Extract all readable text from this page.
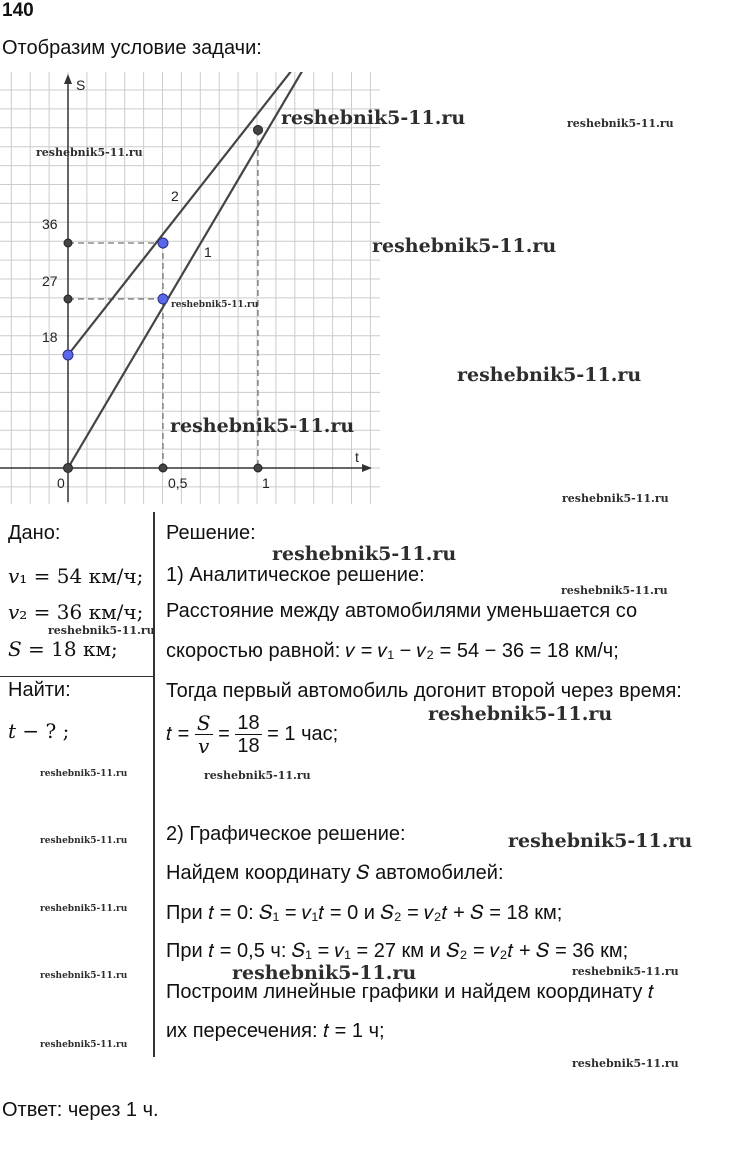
140
Отобразим условие задачи:
S
t
36
27
18
0	0,5	1
1
2
Дано:
𝑣₁ = 54 км/ч;
𝑣₂ = 36 км/ч;
𝑆 = 18 км;
Найти:
𝑡 − ? ;
Решение:
1) Аналитическое решение:
Расстояние между автомобилями уменьшается со
скоростью равной: 𝑣 = 𝑣₁ − 𝑣₂ = 54 − 36 = 18 км/ч;
Тогда первый автомобиль догонит второй через время:
𝑡 = $\frac{\text{𝑆}}{\text{𝑣}} = \frac{18}{18} = 1$ час;
2) Графическое решение:
Найдем координату 𝑆 автомобилей:
При 𝑡 = 0: 𝑆₁ = 𝑣₁𝑡 = 0 и 𝑆₂ = 𝑣₂𝑡 + 𝑆 = 18 км;
При 𝑡 = 0,5 ч: 𝑆₁ = 𝑣₁ = 27 км и 𝑆₂ = 𝑣₂𝑡 + 𝑆 = 36 км;
Построим линейные графики и найдем координату 𝑡
их пересечения: 𝑡 = 1 ч;
Ответ: через 1 ч.
reshebnik5-11.ru	reshebnik5-11.ru
reshebnik5-11.ru
reshebnik5-11.ru
reshebnik5-11.ru
reshebnik5-11.ru
reshebnik5-11.ru
reshebnik5-11.ru
reshebnik5-11.ru
reshebnik5-11.ru
reshebnik5-11.ru
reshebnik5-11.ru
reshebnik5-11.ru	reshebnik5-11.ru
reshebnik5-11.ru	reshebnik5-11.ru
reshebnik5-11.ru
reshebnik5-11.ru	reshebnik5-11.ru
reshebnik5-11.ru
reshebnik5-11.ru
reshebnik5-11.ru
